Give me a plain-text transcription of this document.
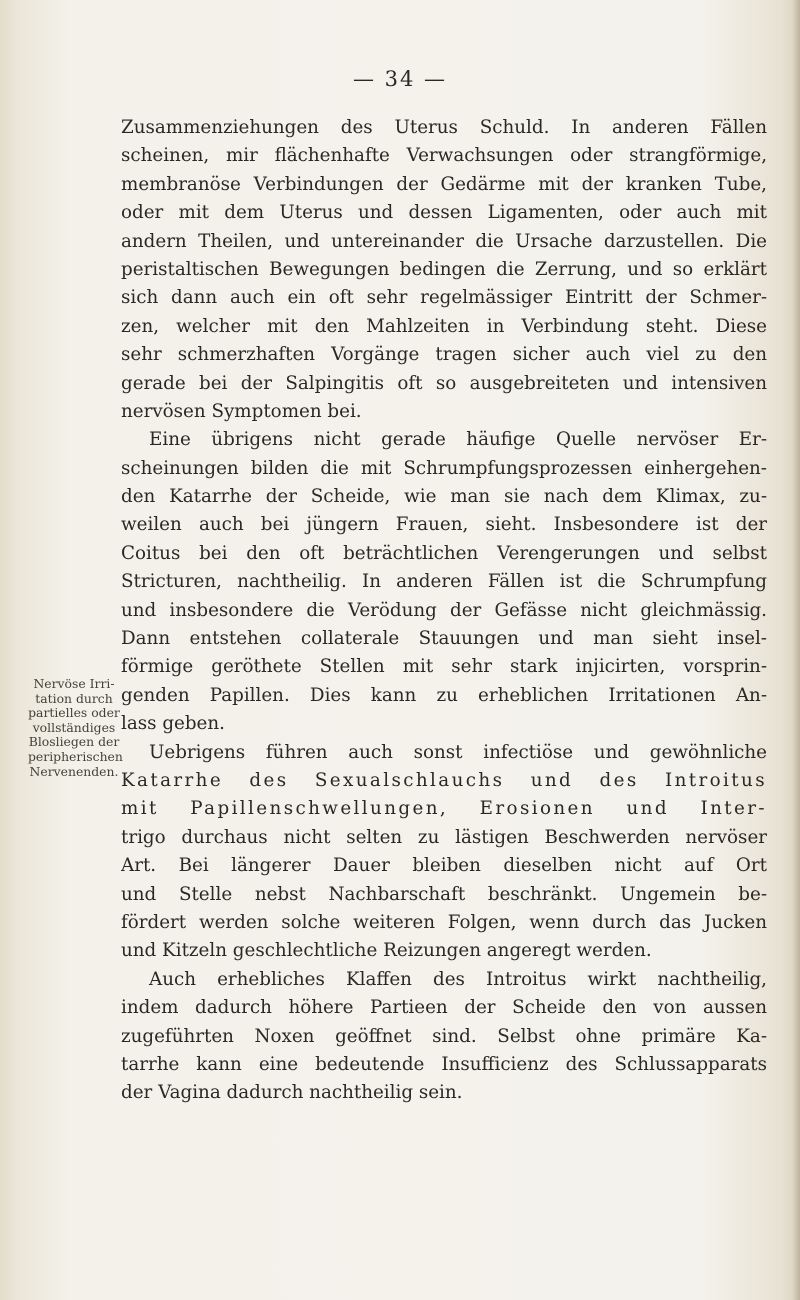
— 34 —
Nervöse Irri-
tation durch
partielles oder
vollständiges
Blosliegen der
peripherischen
Nervenenden.
Zusammenziehungen des Uterus Schuld. In anderen Fällen
scheinen, mir flächenhafte Verwachsungen oder strangförmige,
membranöse Verbindungen der Gedärme mit der kranken Tube,
oder mit dem Uterus und dessen Ligamenten, oder auch mit
andern Theilen, und untereinander die Ursache darzustellen. Die
peristaltischen Bewegungen bedingen die Zerrung, und so erklärt
sich dann auch ein oft sehr regelmässiger Eintritt der Schmer-
zen, welcher mit den Mahlzeiten in Verbindung steht. Diese
sehr schmerzhaften Vorgänge tragen sicher auch viel zu den
gerade bei der Salpingitis oft so ausgebreiteten und intensiven
nervösen Symptomen bei.
Eine übrigens nicht gerade häufige Quelle nervöser Er-
scheinungen bilden die mit Schrumpfungsprozessen einhergehen-
den Katarrhe der Scheide, wie man sie nach dem Klimax, zu-
weilen auch bei jüngern Frauen, sieht. Insbesondere ist der
Coitus bei den oft beträchtlichen Verengerungen und selbst
Stricturen, nachtheilig. In anderen Fällen ist die Schrumpfung
und insbesondere die Verödung der Gefässe nicht gleichmässig.
Dann entstehen collaterale Stauungen und man sieht insel-
förmige geröthete Stellen mit sehr stark injicirten, vorsprin-
genden Papillen. Dies kann zu erheblichen Irritationen An-
lass geben.
Uebrigens führen auch sonst infectiöse und gewöhnliche
Katarrhe des Sexualschlauchs und des Introitus
mit Papillenschwellungen, Erosionen und Inter-
trigo durchaus nicht selten zu lästigen Beschwerden nervöser
Art. Bei längerer Dauer bleiben dieselben nicht auf Ort
und Stelle nebst Nachbarschaft beschränkt. Ungemein be-
fördert werden solche weiteren Folgen, wenn durch das Jucken
und Kitzeln geschlechtliche Reizungen angeregt werden.
Auch erhebliches Klaffen des Introitus wirkt nachtheilig,
indem dadurch höhere Partieen der Scheide den von aussen
zugeführten Noxen geöffnet sind. Selbst ohne primäre Ka-
tarrhe kann eine bedeutende Insufficienz des Schlussapparats
der Vagina dadurch nachtheilig sein.
